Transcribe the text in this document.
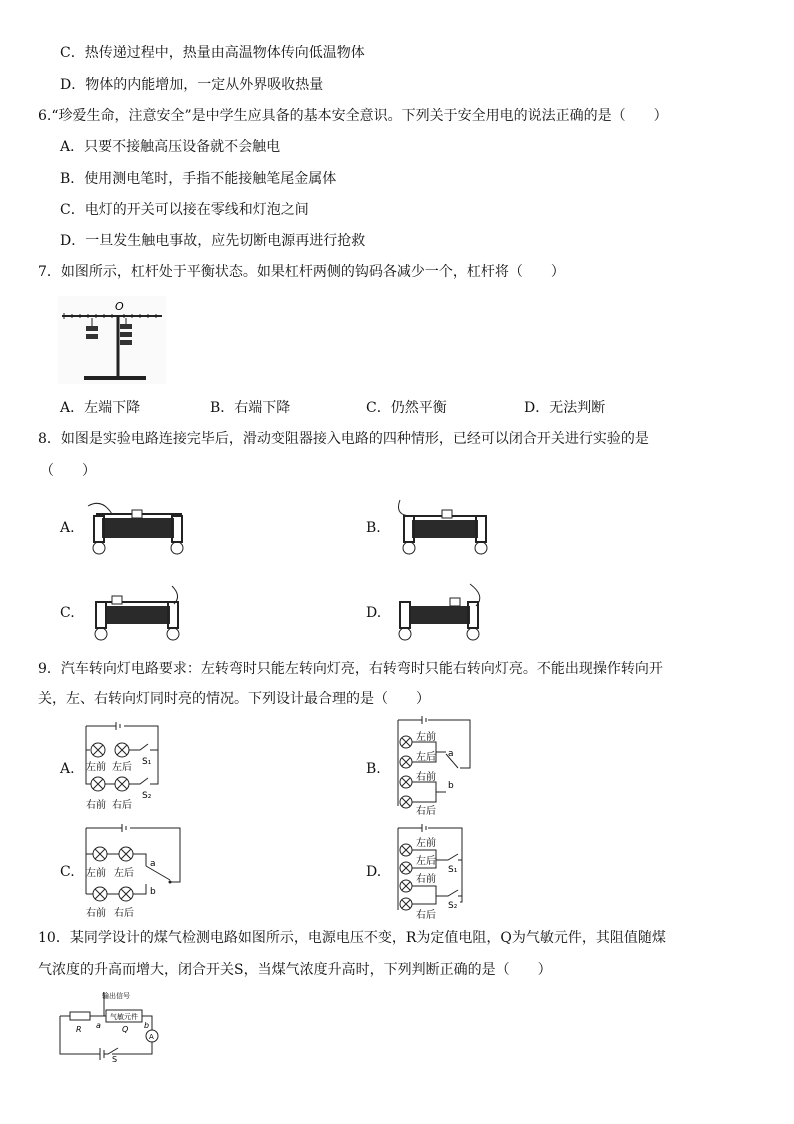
C．热传递过程中，热量由高温物体传向低温物体
D．物体的内能增加，一定从外界吸收热量
6.“珍爱生命，注意安全”是中学生应具备的基本安全意识。下列关于安全用电的说法正确的是（　　）
A．只要不接触高压设备就不会触电
B．使用测电笔时，手指不能接触笔尾金属体
C．电灯的开关可以接在零线和灯泡之间
D．一旦发生触电事故，应先切断电源再进行抢救
7．如图所示，杠杆处于平衡状态。如果杠杆两侧的钩码各减少一个，杠杆将（　　）
O
A．左端下降	B．右端下降	C．仍然平衡	D．无法判断
8．如图是实验电路连接完毕后，滑动变阻器接入电路的四种情形，已经可以闭合开关进行实验的是
（　　）
A.	B.
C.	D.
9．汽车转向灯电路要求：左转弯时只能左转向灯亮，右转弯时只能右转向灯亮。不能出现操作转向开
关，左、右转向灯同时亮的情况。下列设计最合理的是（　　）
A.	S₁
S₂
左前 左后
右前 右后
B.
左前
左后
右前
右后
a
b
C.	a
b
左前 左后
右前 右后
D.
左前
左后
右前
右后
S₁
S₂
10．某同学设计的煤气检测电路如图所示，电源电压不变，R为定值电阻，Q为气敏元件，其阻值随煤
气浓度的升高而增大，闭合开关S，当煤气浓度升高时，下列判断正确的是（　　）
输出信号
气敏元件
R	Q
a	b
A
S
